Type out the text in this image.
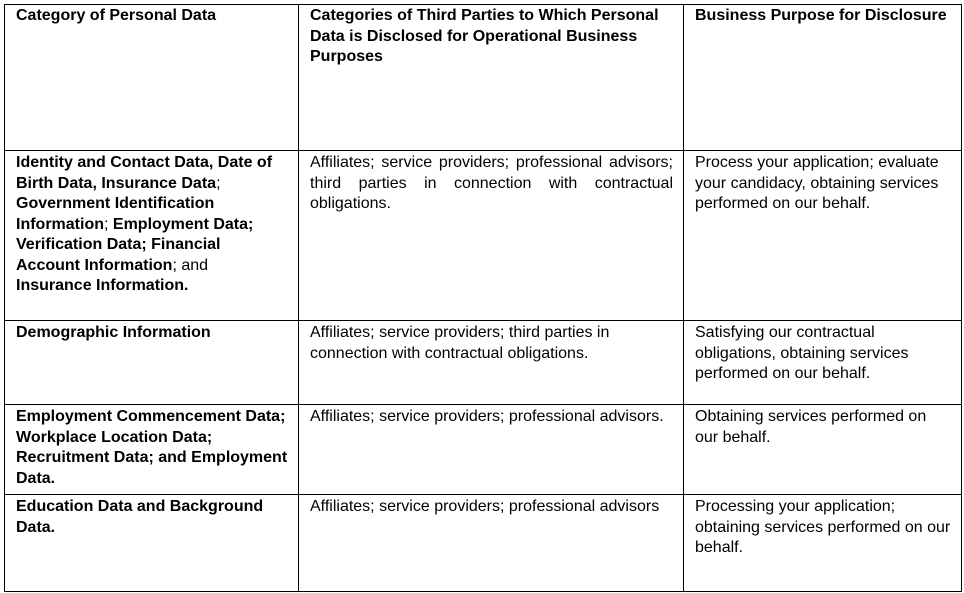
Category of Personal Data	Categories of Third Parties to Which Personal Data is Disclosed for Operational Business Purposes	Business Purpose for Disclosure
Identity and Contact Data, Date of Birth Data, Insurance Data; Government Identification Information; Employment Data; Verification Data; Financial Account Information; and Insurance Information.	Affiliates; service providers; professional advisors; third parties in connection with contractual obligations.	Process your application; evaluate your candidacy, obtaining services performed on our behalf.
Demographic Information	Affiliates; service providers; third parties in connection with contractual obligations.	Satisfying our contractual obligations, obtaining services performed on our behalf.
Employment Commencement Data; Workplace Location Data; Recruitment Data; and Employment Data.	Affiliates; service providers; professional advisors.	Obtaining services performed on our behalf.
Education Data and Background Data.	Affiliates; service providers; professional advisors	Processing your application; obtaining services performed on our behalf.
